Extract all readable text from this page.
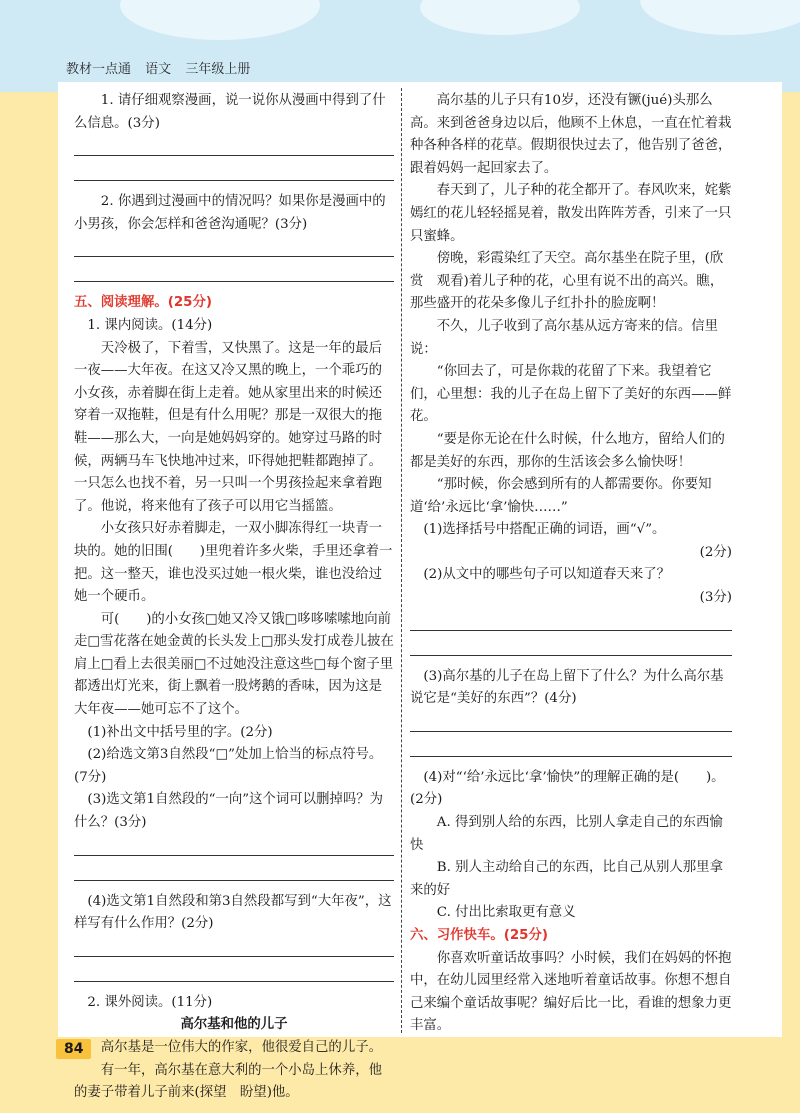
教材一点通 语文 三年级上册

1. 请仔细观察漫画，说一说你从漫画中得到了什么信息。(3分)

2. 你遇到过漫画中的情况吗？如果你是漫画中的小男孩，你会怎样和爸爸沟通呢？(3分)

五、阅读理解。(25分)

1. 课内阅读。(14分)

天冷极了，下着雪，又快黑了。这是一年的最后一夜——大年夜。在这又冷又黑的晚上，一个乖巧的小女孩，赤着脚在街上走着。她从家里出来的时候还穿着一双拖鞋，但是有什么用呢？那是一双很大的拖鞋——那么大，一向是她妈妈穿的。她穿过马路的时候，两辆马车飞快地冲过来，吓得她把鞋都跑掉了。一只怎么也找不着，另一只叫一个男孩捡起来拿着跑了。他说，将来他有了孩子可以用它当摇篮。

小女孩只好赤着脚走，一双小脚冻得红一块青一块的。她的旧围(　　)里兜着许多火柴，手里还拿着一把。这一整天，谁也没买过她一根火柴，谁也没给过她一个硬币。

可(　　)的小女孩□她又冷又饿□哆哆嗦嗦地向前走□雪花落在她金黄的长头发上□那头发打成卷儿披在肩上□看上去很美丽□不过她没注意这些□每个窗子里都透出灯光来，街上飘着一股烤鹅的香味，因为这是大年夜——她可忘不了这个。

(1)补出文中括号里的字。(2分)

(2)给选文第3自然段“□”处加上恰当的标点符号。(7分)

(3)选文第1自然段的“一向”这个词可以删掉吗？为什么？(3分)

(4)选文第1自然段和第3自然段都写到“大年夜”，这样写有什么作用？(2分)

2. 课外阅读。(11分)

高尔基和他的儿子

高尔基是一位伟大的作家，他很爱自己的儿子。

有一年，高尔基在意大利的一个小岛上休养，他的妻子带着儿子前来(探望　盼望)他。

高尔基的儿子只有10岁，还没有镢(jué)头那么高。来到爸爸身边以后，他顾不上休息，一直在忙着栽种各种各样的花草。假期很快过去了，他告别了爸爸，跟着妈妈一起回家去了。

春天到了，儿子种的花全都开了。春风吹来，姹紫嫣红的花儿轻轻摇晃着，散发出阵阵芳香，引来了一只只蜜蜂。

傍晚，彩霞染红了天空。高尔基坐在院子里，(欣赏　观看)着儿子种的花，心里有说不出的高兴。瞧，那些盛开的花朵多像儿子红扑扑的脸庞啊！

不久，儿子收到了高尔基从远方寄来的信。信里说：

“你回去了，可是你栽的花留了下来。我望着它们，心里想：我的儿子在岛上留下了美好的东西——鲜花。

“要是你无论在什么时候，什么地方，留给人们的都是美好的东西，那你的生活该会多么愉快呀！

“那时候，你会感到所有的人都需要你。你要知道‘给’永远比‘拿’愉快……”

(1)选择括号中搭配正确的词语，画“√”。

(2分)

(2)从文中的哪些句子可以知道春天来了？

(3分)

(3)高尔基的儿子在岛上留下了什么？为什么高尔基说它是“美好的东西”？(4分)

(4)对“‘给’永远比‘拿’愉快”的理解正确的是(　　)。(2分)

A. 得到别人给的东西，比别人拿走自己的东西愉快

B. 别人主动给自己的东西，比自己从别人那里拿来的好

C. 付出比索取更有意义

六、习作快车。(25分)

你喜欢听童话故事吗？小时候，我们在妈妈的怀抱中，在幼儿园里经常入迷地听着童话故事。你想不想自己来编个童话故事呢？编好后比一比，看谁的想象力更丰富。

84
